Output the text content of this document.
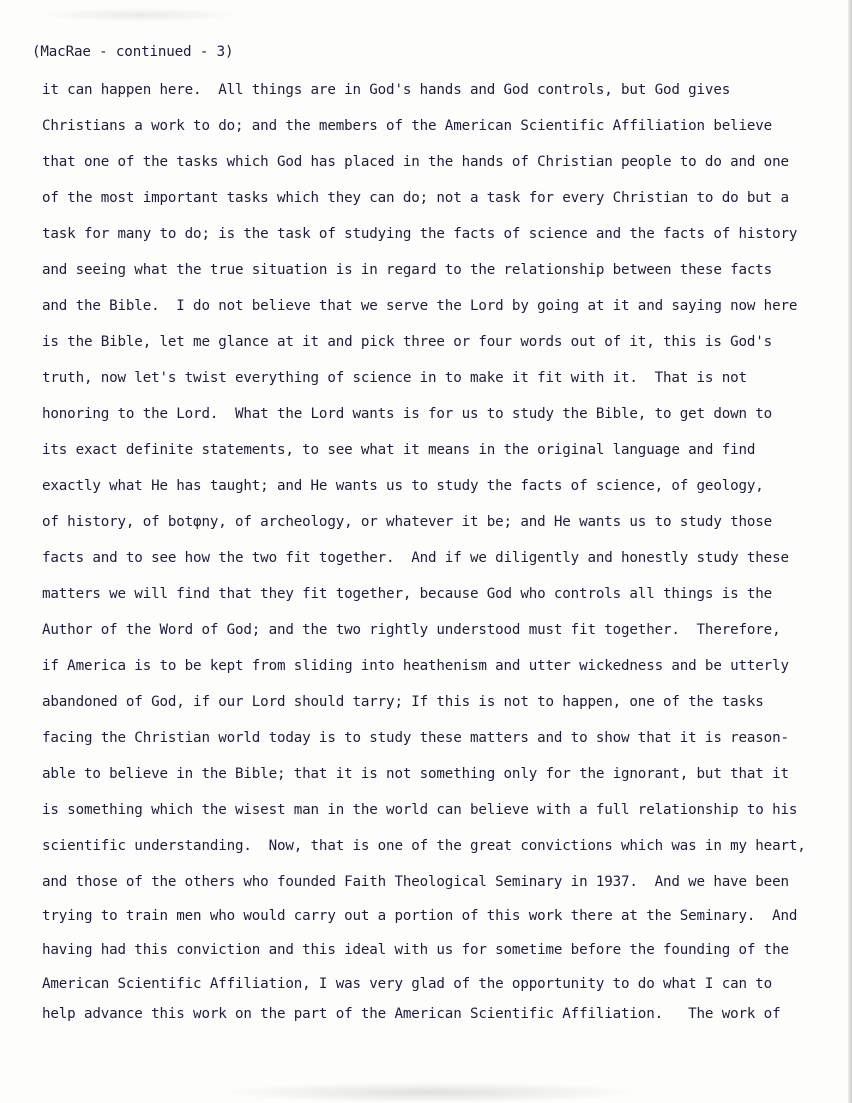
(MacRae - continued - 3)
it can happen here.  All things are in God's hands and God controls, but God gives
Christians a work to do; and the members of the American Scientific Affiliation believe
that one of the tasks which God has placed in the hands of Christian people to do and one
of the most important tasks which they can do; not a task for every Christian to do but a
task for many to do; is the task of studying the facts of science and the facts of history
and seeing what the true situation is in regard to the relationship between these facts
and the Bible.  I do not believe that we serve the Lord by going at it and saying now here
is the Bible, let me glance at it and pick three or four words out of it, this is God's
truth, now let's twist everything of science in to make it fit with it.  That is not
honoring to the Lord.  What the Lord wants is for us to study the Bible, to get down to
its exact definite statements, to see what it means in the original language and find
exactly what He has taught; and He wants us to study the facts of science, of geology,
of history, of botφny, of archeology, or whatever it be; and He wants us to study those
facts and to see how the two fit together.  And if we diligently and honestly study these
matters we will find that they fit together, because God who controls all things is the
Author of the Word of God; and the two rightly understood must fit together.  Therefore,
if America is to be kept from sliding into heathenism and utter wickedness and be utterly
abandoned of God, if our Lord should tarry; If this is not to happen, one of the tasks
facing the Christian world today is to study these matters and to show that it is reason-
able to believe in the Bible; that it is not something only for the ignorant, but that it
is something which the wisest man in the world can believe with a full relationship to his
scientific understanding.  Now, that is one of the great convictions which was in my heart,
and those of the others who founded Faith Theological Seminary in 1937.  And we have been
trying to train men who would carry out a portion of this work there at the Seminary.  And
having had this conviction and this ideal with us for sometime before the founding of the
American Scientific Affiliation, I was very glad of the opportunity to do what I can to
help advance this work on the part of the American Scientific Affiliation.   The work of
